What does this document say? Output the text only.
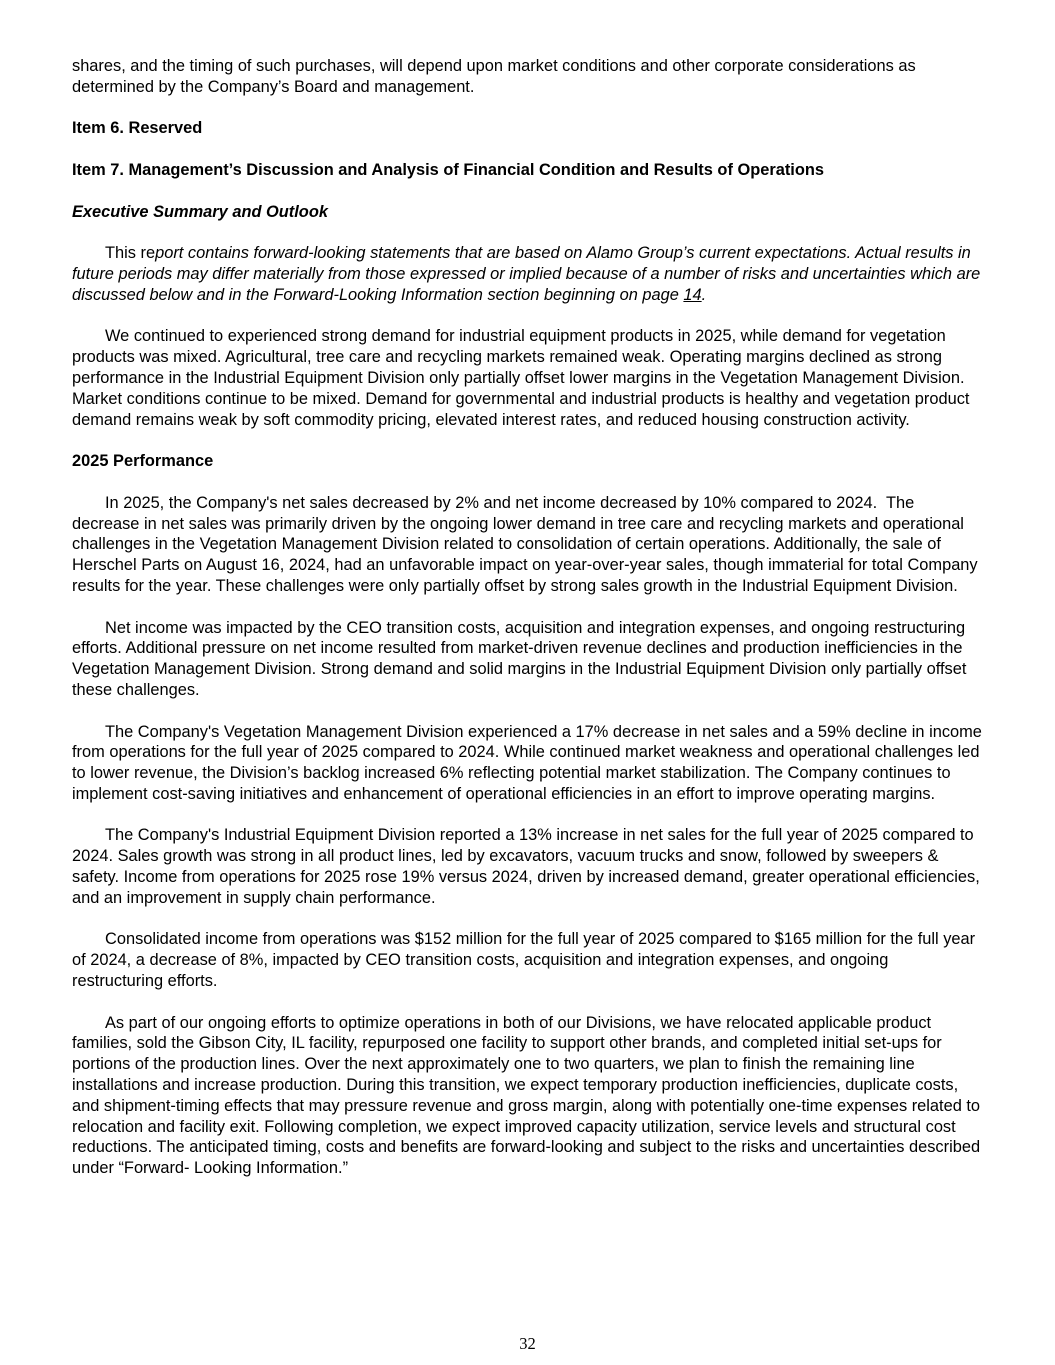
shares, and the timing of such purchases, will depend upon market conditions and other corporate considerations as determined by the Company’s Board and management.

Item 6. Reserved
Item 7. Management’s Discussion and Analysis of Financial Condition and Results of Operations
Executive Summary and Outlook

This report contains forward-looking statements that are based on Alamo Group’s current expectations. Actual results in future periods may differ materially from those expressed or implied because of a number of risks and uncertainties which are discussed below and in the Forward-Looking Information section beginning on page 14.

We continued to experienced strong demand for industrial equipment products in 2025, while demand for vegetation products was mixed. Agricultural, tree care and recycling markets remained weak. Operating margins declined as strong performance in the Industrial Equipment Division only partially offset lower margins in the Vegetation Management Division. Market conditions continue to be mixed. Demand for governmental and industrial products is healthy and vegetation product demand remains weak by soft commodity pricing, elevated interest rates, and reduced housing construction activity.

2025 Performance

In 2025, the Company's net sales decreased by 2% and net income decreased by 10% compared to 2024.  The decrease in net sales was primarily driven by the ongoing lower demand in tree care and recycling markets and operational challenges in the Vegetation Management Division related to consolidation of certain operations. Additionally, the sale of Herschel Parts on August 16, 2024, had an unfavorable impact on year-over-year sales, though immaterial for total Company results for the year. These challenges were only partially offset by strong sales growth in the Industrial Equipment Division.

Net income was impacted by the CEO transition costs, acquisition and integration expenses, and ongoing restructuring efforts. Additional pressure on net income resulted from market-driven revenue declines and production inefficiencies in the Vegetation Management Division. Strong demand and solid margins in the Industrial Equipment Division only partially offset these challenges.

The Company's Vegetation Management Division experienced a 17% decrease in net sales and a 59% decline in income from operations for the full year of 2025 compared to 2024. While continued market weakness and operational challenges led to lower revenue, the Division’s backlog increased 6% reflecting potential market stabilization. The Company continues to implement cost-saving initiatives and enhancement of operational efficiencies in an effort to improve operating margins.

The Company's Industrial Equipment Division reported a 13% increase in net sales for the full year of 2025 compared to 2024. Sales growth was strong in all product lines, led by excavators, vacuum trucks and snow, followed by sweepers & safety. Income from operations for 2025 rose 19% versus 2024, driven by increased demand, greater operational efficiencies, and an improvement in supply chain performance.

Consolidated income from operations was $152 million for the full year of 2025 compared to $165 million for the full year of 2024, a decrease of 8%, impacted by CEO transition costs, acquisition and integration expenses, and ongoing restructuring efforts.

As part of our ongoing efforts to optimize operations in both of our Divisions, we have relocated applicable product families, sold the Gibson City, IL facility, repurposed one facility to support other brands, and completed initial set-ups for portions of the production lines. Over the next approximately one to two quarters, we plan to finish the remaining line installations and increase production. During this transition, we expect temporary production inefficiencies, duplicate costs, and shipment-timing effects that may pressure revenue and gross margin, along with potentially one-time expenses related to relocation and facility exit. Following completion, we expect improved capacity utilization, service levels and structural cost reductions. The anticipated timing, costs and benefits are forward-looking and subject to the risks and uncertainties described under “Forward- Looking Information.”

32
